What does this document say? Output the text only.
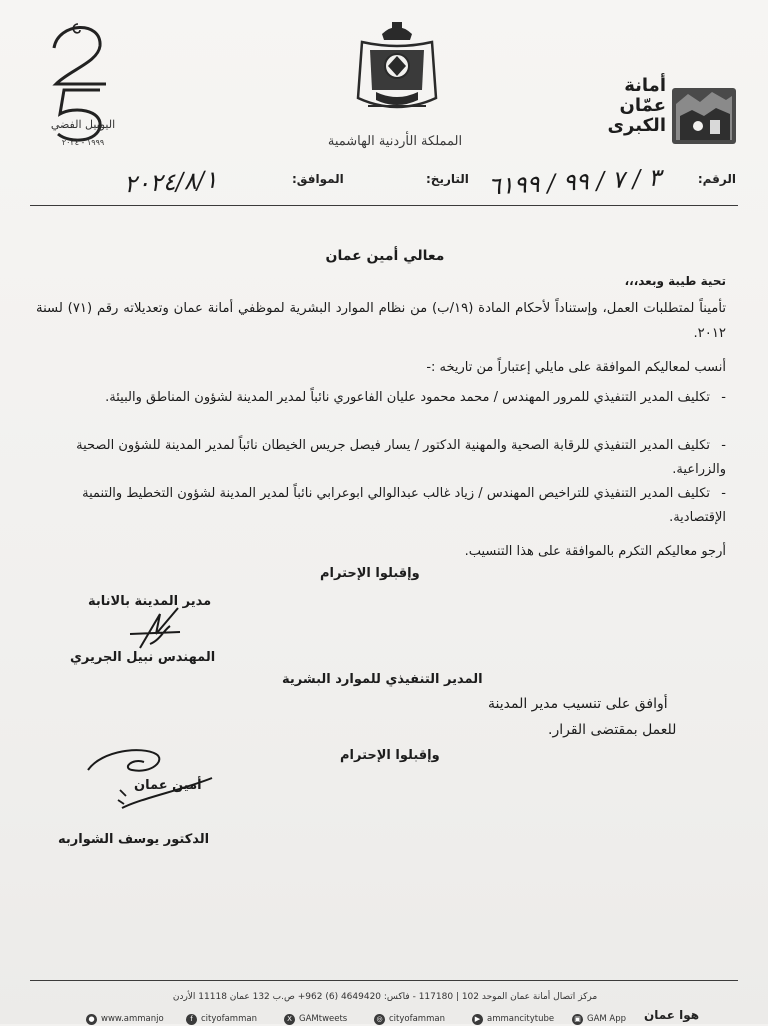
اليوبيل الفضي
١٩٩٩ - ٢٠٢٤	المملكة الأردنية الهاشمية
أمانة
عمّان
الكبرى
الرقم:
٣ / ٧ / ٩٩ / ٦١٩٩
التاريخ:
الموافق:
٢٠٢٤/٨/١
معالي أمين عمان
تحية طيبة وبعد،،،
تأميناً لمتطلبات العمل، وإستناداً لأحكام المادة (١٩/ب) من نظام الموارد البشرية لموظفي أمانة عمان وتعديلاته رقم (٧١) لسنة ٢٠١٢.
أنسب لمعاليكم الموافقة على مايلي إعتباراً من تاريخه :-
-تكليف المدير التنفيذي للمرور المهندس / محمد محمود عليان الفاعوري نائباً لمدير المدينة لشؤون المناطق والبيئة.
-تكليف المدير التنفيذي للرقابة الصحية والمهنية الدكتور / يسار فيصل جريس الخيطان نائباً لمدير المدينة للشؤون الصحية والزراعية.
-تكليف المدير التنفيذي للتراخيص المهندس / زياد غالب عبدالوالي ابوعرابي نائباً لمدير المدينة لشؤون التخطيط والتنمية الإقتصادية.
أرجو معاليكم التكرم بالموافقة على هذا التنسيب.
وإقبلوا الإحترام
مدير المدينة بالانابة
المهندس نبيل الجريري
المدير التنفيذي للموارد البشرية
أوافق على تنسيب مدير المدينة
للعمل بمقتضى القرار.
وإقبلوا الإحترام
أمين عمان
الدكتور يوسف الشواربه
مركز اتصال أمانة عمان الموحد 102 | 117180 - فاكس: 4649420 (6) 962+ ص.ب 132 عمان 11118 الأردن
● www.ammanjo	f cityofamman	X GAMtweets	◎ cityofamman	▶ ammancitytube	▣ GAM App هوا عمان
